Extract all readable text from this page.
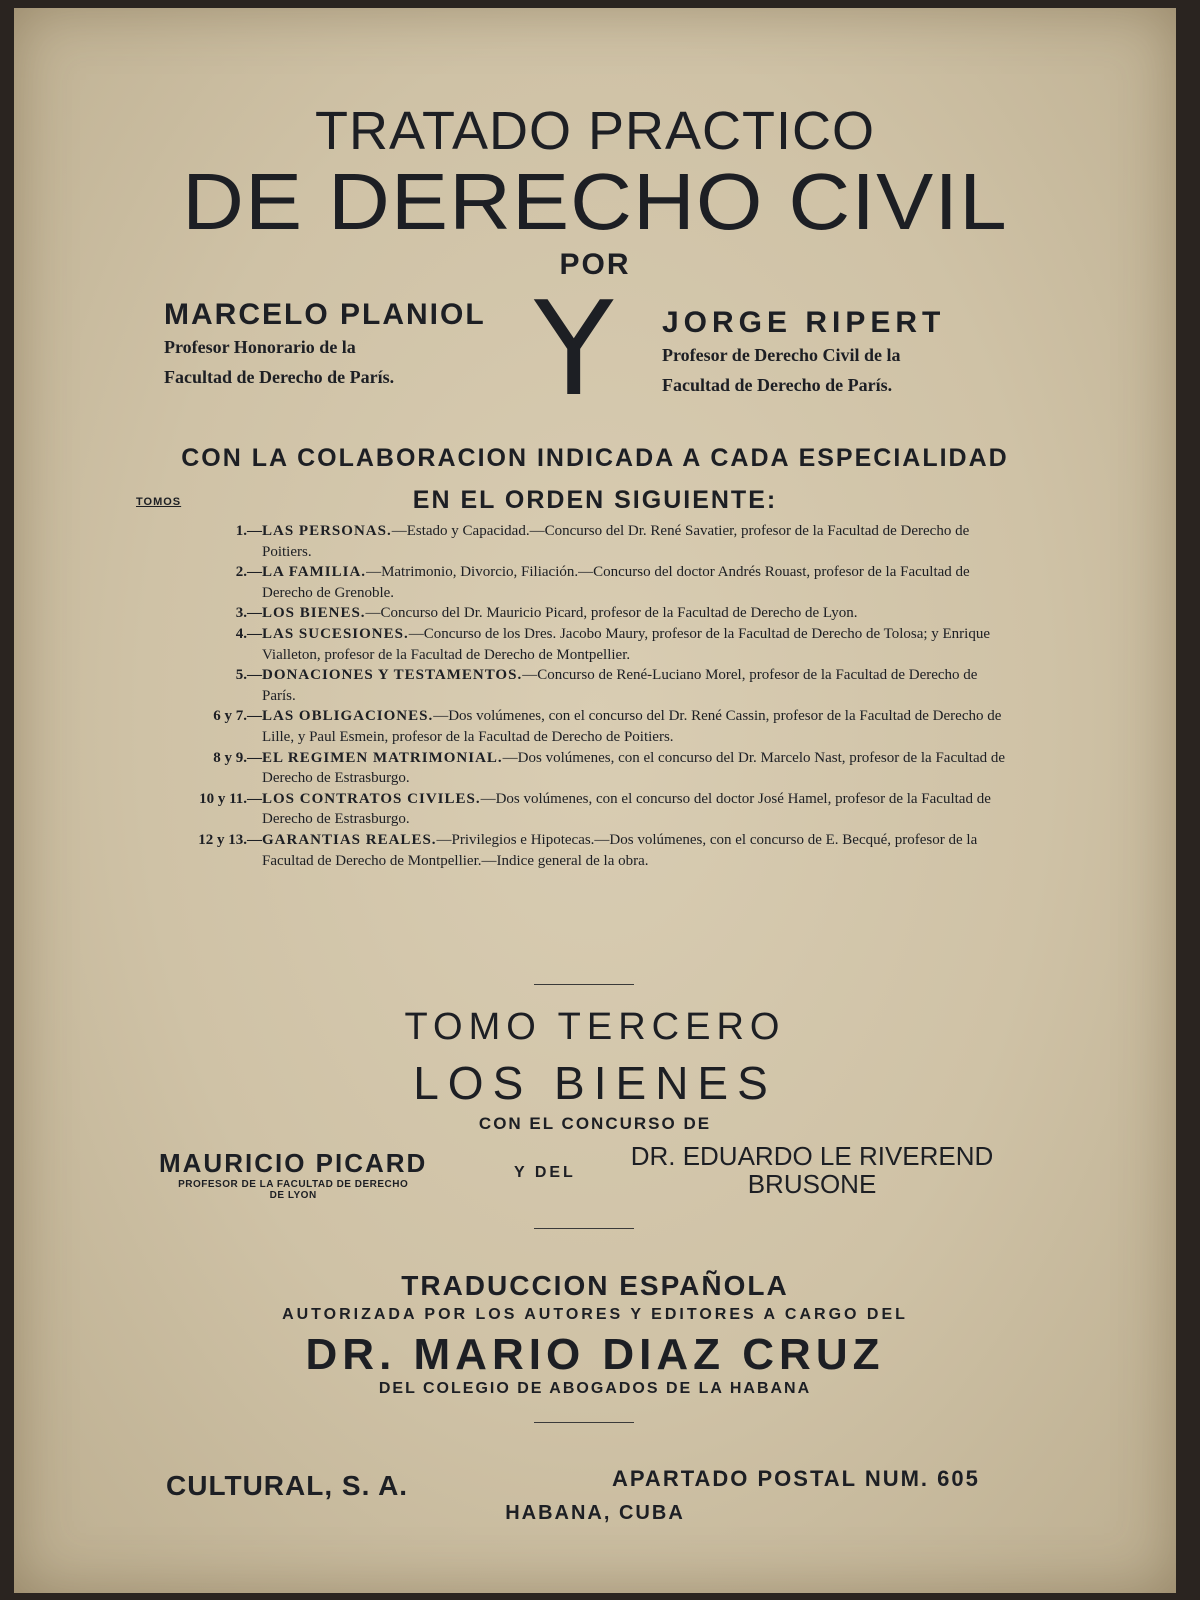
TRATADO PRACTICO
DE DERECHO CIVIL
POR
MARCELO PLANIOL
Profesor Honorario de la
Facultad de Derecho de París.	Y JORGE RIPERT
Profesor de Derecho Civil de la
Facultad de Derecho de París.
CON LA COLABORACION INDICADA A CADA ESPECIALIDAD
TOMOS	EN EL ORDEN SIGUIENTE:
1.— LAS PERSONAS.—Estado y Capacidad.—Concurso del Dr. René Savatier, profesor de la Facultad de Derecho de Poitiers.
2.— LA FAMILIA.—Matrimonio, Divorcio, Filiación.—Concurso del doctor Andrés Rouast, profesor de la Facultad de Derecho de Grenoble.
3.— LOS BIENES.—Concurso del Dr. Mauricio Picard, profesor de la Facultad de Derecho de Lyon.
4.— LAS SUCESIONES.—Concurso de los Dres. Jacobo Maury, profesor de la Facultad de Derecho de Tolosa; y Enrique Vialleton, profesor de la Facultad de Derecho de Montpellier.
5.— DONACIONES Y TESTAMENTOS.—Concurso de René-Luciano Morel, profesor de la Facultad de Derecho de París.
6 y 7.— LAS OBLIGACIONES.—Dos volúmenes, con el concurso del Dr. René Cassin, profesor de la Facultad de Derecho de Lille, y Paul Esmein, profesor de la Facultad de Derecho de Poitiers.
8 y 9.— EL REGIMEN MATRIMONIAL.—Dos volúmenes, con el concurso del Dr. Marcelo Nast, profesor de la Facultad de Derecho de Estrasburgo.
10 y 11.— LOS CONTRATOS CIVILES.—Dos volúmenes, con el concurso del doctor José Hamel, profesor de la Facultad de Derecho de Estrasburgo.
12 y 13.— GARANTIAS REALES.—Privilegios e Hipotecas.—Dos volúmenes, con el concurso de E. Becqué, profesor de la Facultad de Derecho de Montpellier.—Indice general de la obra.
TOMO TERCERO
LOS BIENES
CON EL CONCURSO DE
MAURICIO PICARD
PROFESOR DE LA FACULTAD DE DERECHO
DE LYON
Y DEL
DR. EDUARDO LE RIVEREND
BRUSONE
TRADUCCION ESPAÑOLA
AUTORIZADA POR LOS AUTORES Y EDITORES A CARGO DEL
DR. MARIO DIAZ CRUZ
DEL COLEGIO DE ABOGADOS DE LA HABANA
CULTURAL, S. A.	APARTADO POSTAL NUM. 605
HABANA, CUBA
